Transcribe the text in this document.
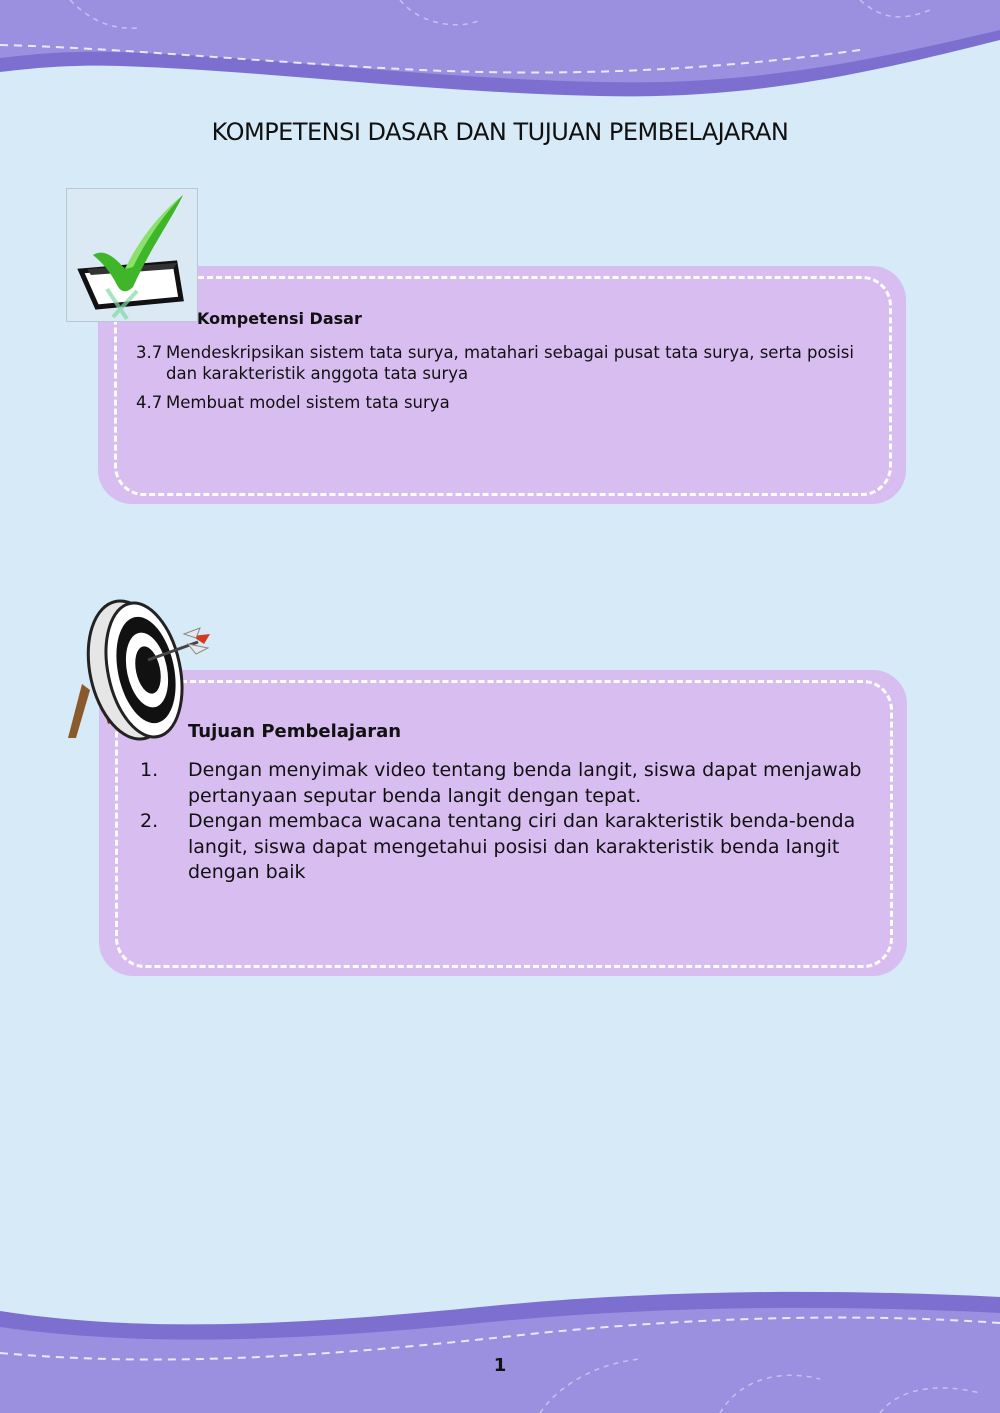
KOMPETENSI DASAR DAN TUJUAN PEMBELAJARAN
Kompetensi Dasar
3.7 Mendeskripsikan sistem tata surya, matahari sebagai pusat tata surya, serta posisi dan karakteristik anggota tata surya
4.7 Membuat model sistem tata surya
Tujuan Pembelajaran
1.	Dengan menyimak video tentang benda langit, siswa dapat menjawab pertanyaan seputar benda langit dengan tepat.
2.	Dengan membaca wacana tentang ciri dan karakteristik benda-benda langit, siswa dapat mengetahui posisi dan karakteristik benda langit dengan baik
1
